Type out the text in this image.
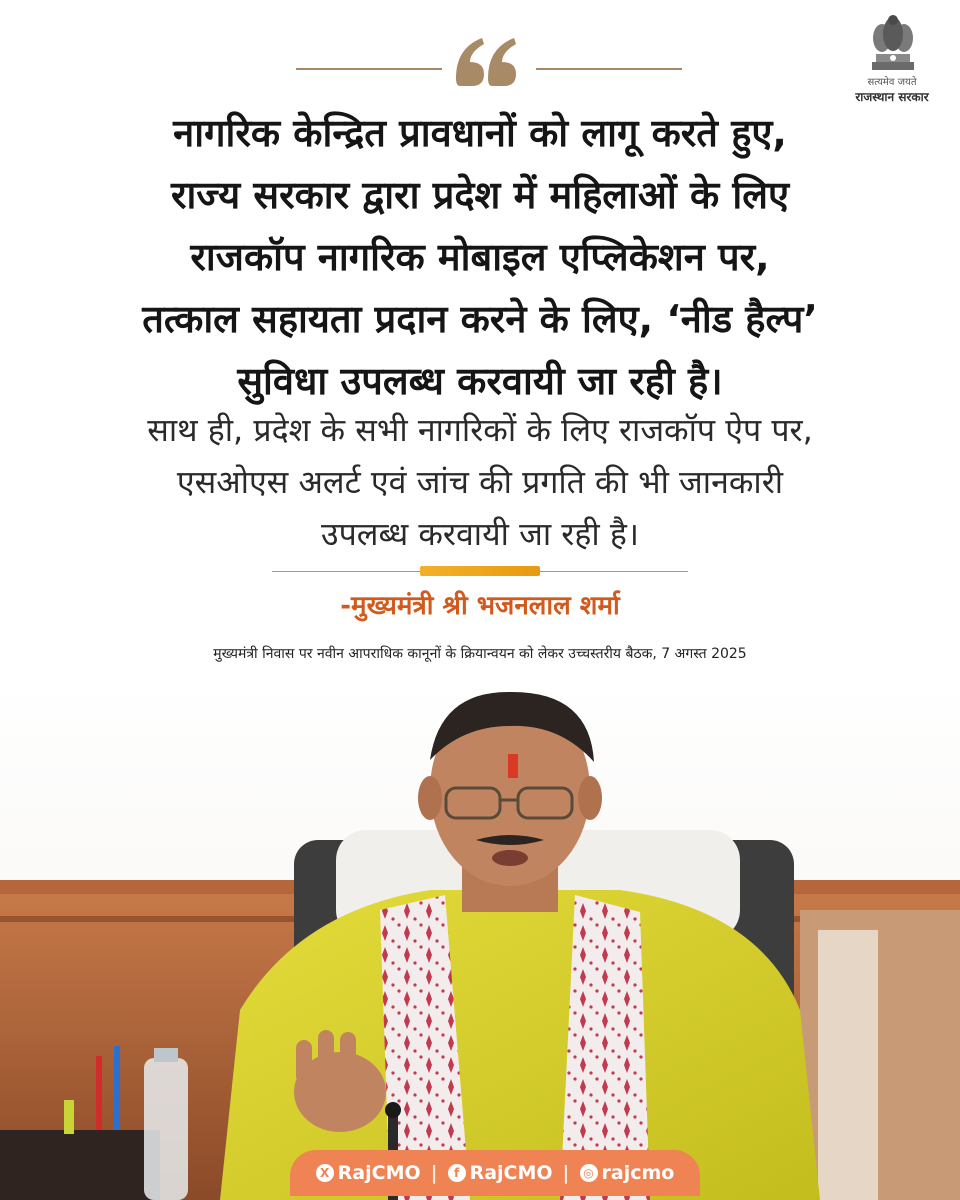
सत्यमेव जयते
राजस्थान सरकार
नागरिक केन्द्रित प्रावधानों को लागू करते हुए,
राज्य सरकार द्वारा प्रदेश में महिलाओं के लिए
राजकॉप नागरिक मोबाइल एप्लिकेशन पर,
तत्काल सहायता प्रदान करने के लिए, ‘नीड हैल्प’
सुविधा उपलब्ध करवायी जा रही है।
साथ ही, प्रदेश के सभी नागरिकों के लिए राजकॉप ऐप पर,
एसओएस अलर्ट एवं जांच की प्रगति की भी जानकारी
उपलब्ध करवायी जा रही है।
-मुख्यमंत्री श्री भजनलाल शर्मा
मुख्यमंत्री निवास पर नवीन आपराधिक कानूनों के क्रियान्वयन को लेकर उच्चस्तरीय बैठक, 7 अगस्त 2025
X RajCMO |	f RajCMO |	◎ rajcmo
